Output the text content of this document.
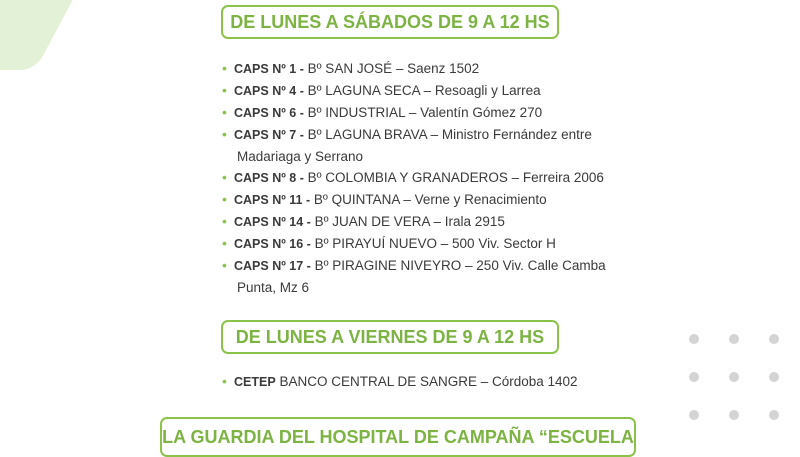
DE LUNES A SÁBADOS DE 9 A 12 HS
• CAPS Nº 1 - Bº SAN JOSÉ – Saenz 1502
• CAPS Nº 4 - Bº LAGUNA SECA – Resoagli y Larrea
• CAPS Nº 6 - Bº INDUSTRIAL – Valentín Gómez 270
• CAPS Nº 7 - Bº LAGUNA BRAVA – Ministro Fernández entre
Madariaga y Serrano
• CAPS Nº 8 - Bº COLOMBIA Y GRANADEROS – Ferreira 2006
• CAPS Nº 11 - Bº QUINTANA – Verne y Renacimiento
• CAPS Nº 14 - Bº JUAN DE VERA – Irala 2915
• CAPS Nº 16 - Bº PIRAYUÍ NUEVO – 500 Viv. Sector H
• CAPS Nº 17 - Bº PIRAGINE NIVEYRO – 250 Viv. Calle Camba
Punta, Mz 6
DE LUNES A VIERNES DE 9 A 12 HS
• CETEP BANCO CENTRAL DE SANGRE – Córdoba 1402
LA GUARDIA DEL HOSPITAL DE CAMPAÑA “ESCUELA
